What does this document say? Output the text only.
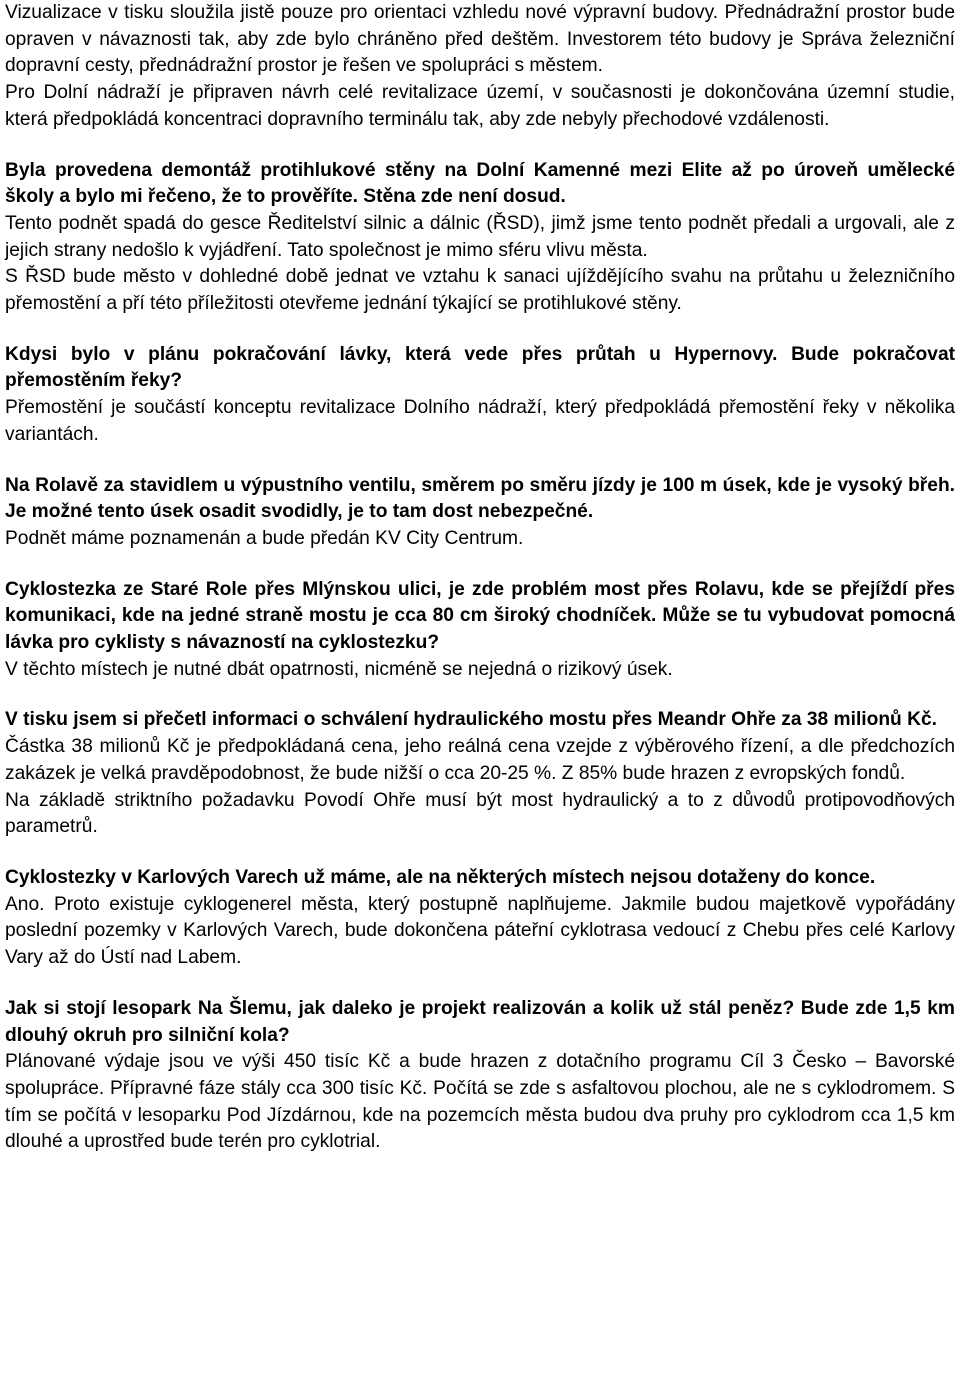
Vizualizace v tisku sloužila jistě pouze pro orientaci vzhledu nové výpravní budovy. Přednádražní prostor bude opraven v návaznosti tak, aby zde bylo chráněno před deštěm. Investorem této budovy je Správa železniční dopravní cesty, přednádražní prostor je řešen ve spolupráci s městem.

Pro Dolní nádraží je připraven návrh celé revitalizace území, v současnosti je dokončována územní studie, která předpokládá koncentraci dopravního terminálu tak, aby zde nebyly přechodové vzdálenosti.

Byla provedena demontáž protihlukové stěny na Dolní Kamenné mezi Elite až po úroveň umělecké školy a bylo mi řečeno, že to prověříte. Stěna zde není dosud.

Tento podnět spadá do gesce Ředitelství silnic a dálnic (ŘSD), jimž jsme tento podnět předali a urgovali, ale z jejich strany nedošlo k vyjádření. Tato společnost je mimo sféru vlivu města.

S ŘSD bude město v dohledné době jednat ve vztahu k sanaci ujíždějícího svahu na průtahu u železničního přemostění a pří této příležitosti otevřeme jednání týkající se protihlukové stěny.

Kdysi bylo v plánu pokračování lávky, která vede přes průtah u Hypernovy. Bude pokračovat přemostěním řeky?

Přemostění je součástí konceptu revitalizace Dolního nádraží, který předpokládá přemostění řeky v několika variantách.

Na Rolavě za stavidlem u výpustního ventilu, směrem po směru jízdy je 100 m úsek, kde je vysoký břeh. Je možné tento úsek osadit svodidly, je to tam dost nebezpečné.

Podnět máme poznamenán a bude předán KV City Centrum.

Cyklostezka ze Staré Role přes Mlýnskou ulici, je zde problém most přes Rolavu, kde se přejíždí přes komunikaci, kde na jedné straně mostu je cca 80 cm široký chodníček. Může se tu vybudovat pomocná lávka pro cyklisty s návazností na cyklostezku?

V těchto místech je nutné dbát opatrnosti, nicméně se nejedná o rizikový úsek.

V tisku jsem si přečetl informaci o schválení hydraulického mostu přes Meandr Ohře za 38 milionů Kč.

Částka 38 milionů Kč je předpokládaná cena, jeho reálná cena vzejde z výběrového řízení, a dle předchozích zakázek je velká pravděpodobnost, že bude nižší o cca 20-25 %. Z 85% bude hrazen z evropských fondů.

Na základě striktního požadavku Povodí Ohře musí být most hydraulický a to z důvodů protipovodňových parametrů.

Cyklostezky v Karlových Varech už máme, ale na některých místech nejsou dotaženy do konce.

Ano. Proto existuje cyklogenerel města, který postupně naplňujeme. Jakmile budou majetkově vypořádány poslední pozemky v Karlových Varech, bude dokončena páteřní cyklotrasa vedoucí z Chebu přes celé Karlovy Vary až do Ústí nad Labem.

Jak si stojí lesopark Na Šlemu, jak daleko je projekt realizován a kolik už stál peněz? Bude zde 1,5 km dlouhý okruh pro silniční kola?

Plánované výdaje jsou ve výši 450 tisíc Kč a bude hrazen z dotačního programu Cíl 3 Česko – Bavorské spolupráce. Přípravné fáze stály cca 300 tisíc Kč. Počítá se zde s asfaltovou plochou, ale ne s cyklodromem. S tím se počítá v lesoparku Pod Jízdárnou, kde na pozemcích města budou dva pruhy pro cyklodrom cca 1,5 km dlouhé a uprostřed bude terén pro cyklotrial.
